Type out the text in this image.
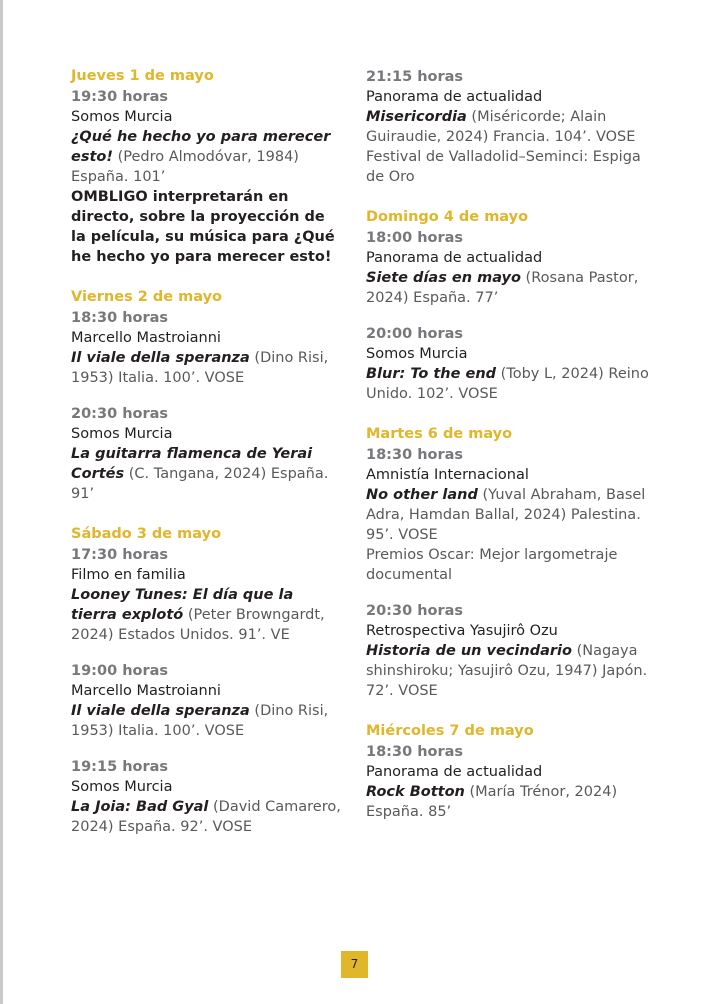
Jueves 1 de mayo
19:30 horas
Somos Murcia
¿Qué he hecho yo para merecer esto! (Pedro Almodóvar, 1984) España. 101’
OMBLIGO interpretarán en directo, sobre la proyección de la película, su música para ¿Qué he hecho yo para merecer esto!
Viernes 2 de mayo
18:30 horas
Marcello Mastroianni
Il viale della speranza (Dino Risi, 1953) Italia. 100’. VOSE
20:30 horas
Somos Murcia
La guitarra flamenca de Yerai Cortés (C. Tangana, 2024) España. 91’
Sábado 3 de mayo
17:30 horas
Filmo en familia
Looney Tunes: El día que la tierra explotó (Peter Browngardt, 2024) Estados Unidos. 91’. VE
19:00 horas
Marcello Mastroianni
Il viale della speranza (Dino Risi, 1953) Italia. 100’. VOSE
19:15 horas
Somos Murcia
La Joia: Bad Gyal (David Camarero, 2024) España. 92’. VOSE
21:15 horas
Panorama de actualidad
Misericordia (Miséricorde; Alain Guiraudie, 2024) Francia. 104’. VOSE
Festival de Valladolid–Seminci: Espiga de Oro
Domingo 4 de mayo
18:00 horas
Panorama de actualidad
Siete días en mayo (Rosana Pastor, 2024) España. 77’
20:00 horas
Somos Murcia
Blur: To the end (Toby L, 2024) Reino Unido. 102’. VOSE
Martes 6 de mayo
18:30 horas
Amnistía Internacional
No other land (Yuval Abraham, Basel Adra, Hamdan Ballal, 2024) Palestina. 95’. VOSE
Premios Oscar: Mejor largometraje documental
20:30 horas
Retrospectiva Yasujirô Ozu
Historia de un vecindario (Nagaya shinshiroku; Yasujirô Ozu, 1947) Japón. 72’. VOSE
Miércoles 7 de mayo
18:30 horas
Panorama de actualidad
Rock Botton (María Trénor, 2024) España. 85’
7
